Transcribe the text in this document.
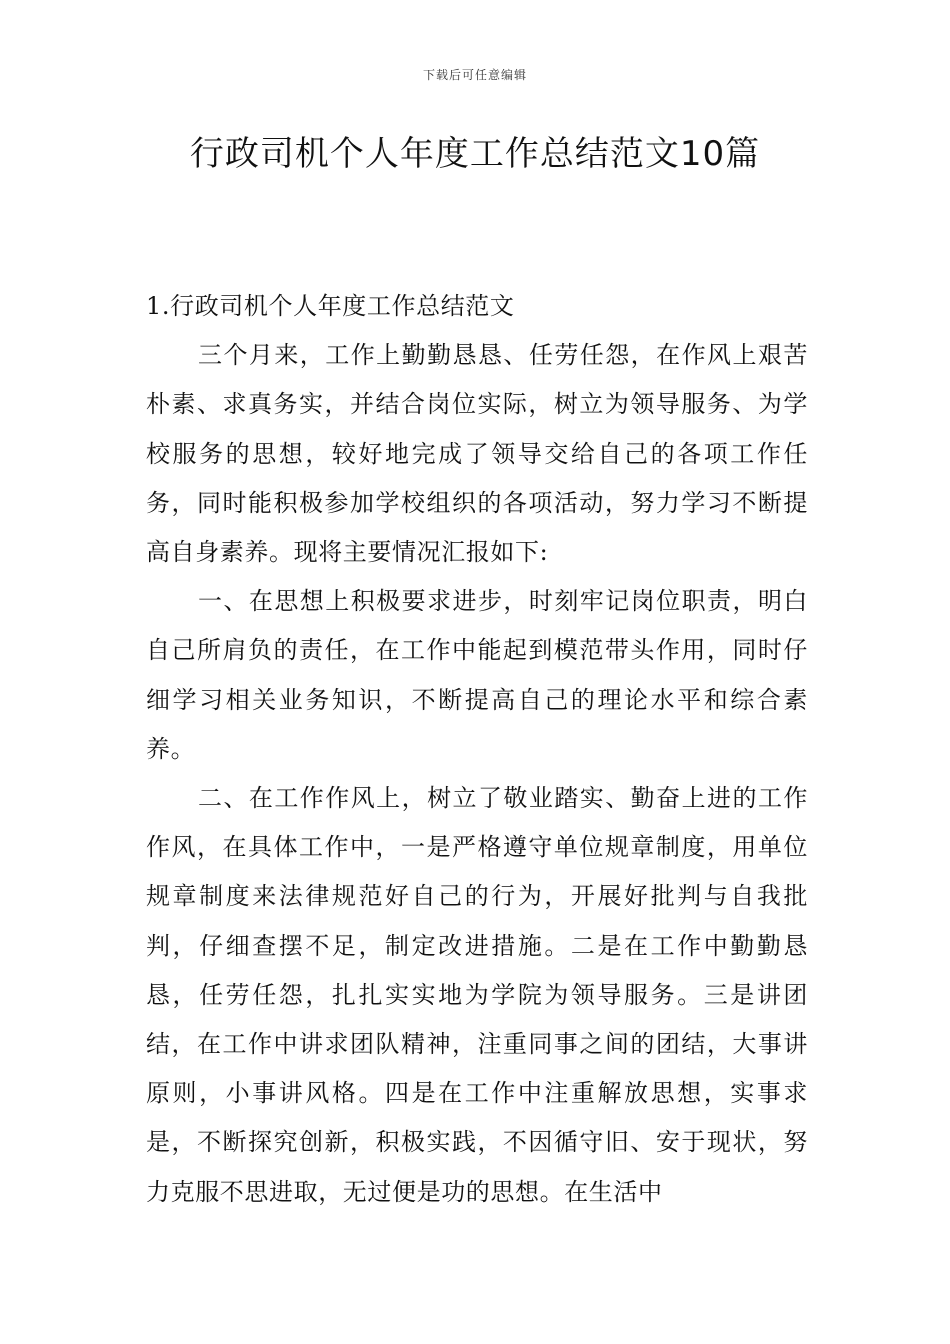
下载后可任意编辑
行政司机个人年度工作总结范文10篇

1.行政司机个人年度工作总结范文

三个月来，工作上勤勤恳恳、任劳任怨，在作风上艰苦朴素、求真务实，并结合岗位实际，树立为领导服务、为学校服务的思想，较好地完成了领导交给自己的各项工作任务，同时能积极参加学校组织的各项活动，努力学习不断提高自身素养。现将主要情况汇报如下:

一、在思想上积极要求进步，时刻牢记岗位职责，明白自己所肩负的责任，在工作中能起到模范带头作用，同时仔细学习相关业务知识，不断提高自己的理论水平和综合素养。

二、在工作作风上，树立了敬业踏实、勤奋上进的工作作风，在具体工作中，一是严格遵守单位规章制度，用单位规章制度来法律规范好自己的行为，开展好批判与自我批判，仔细查摆不足，制定改进措施。二是在工作中勤勤恳恳，任劳任怨，扎扎实实地为学院为领导服务。三是讲团结，在工作中讲求团队精神，注重同事之间的团结，大事讲原则，小事讲风格。四是在工作中注重解放思想，实事求是，不断探究创新，积极实践，不因循守旧、安于现状，努力克服不思进取，无过便是功的思想。在生活中
